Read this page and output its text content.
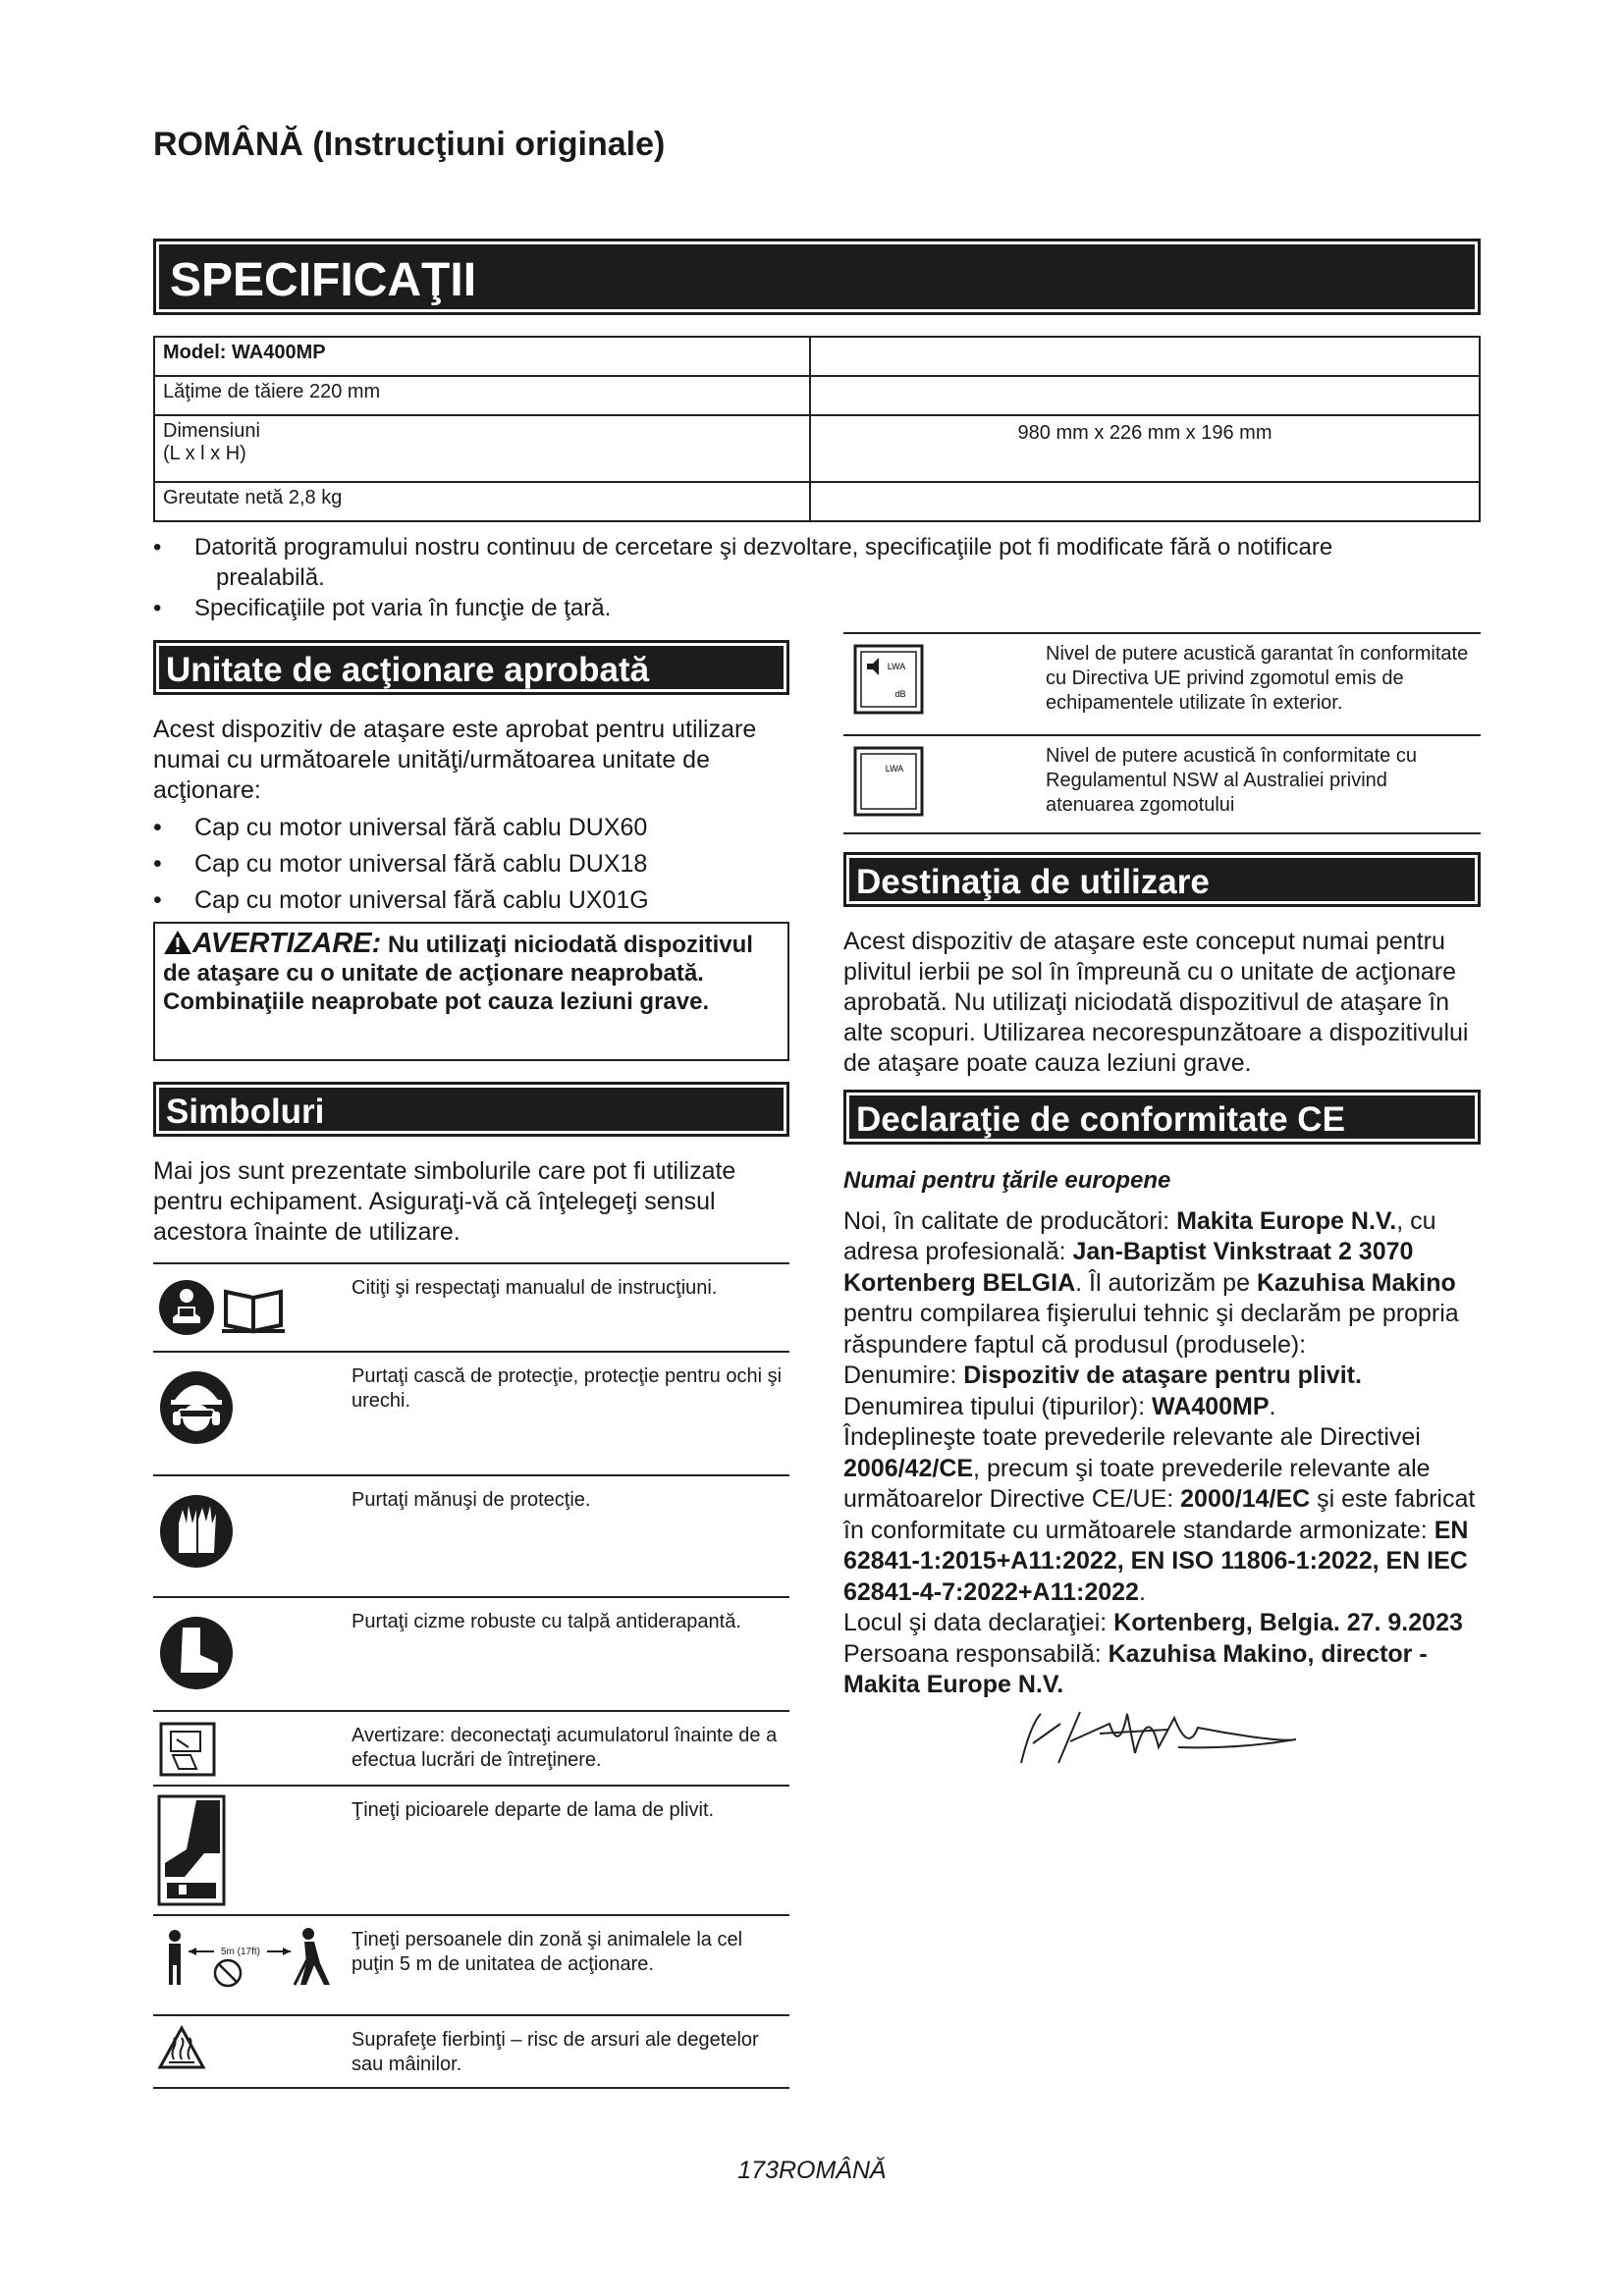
ROMÂNĂ (Instrucţiuni originale)
SPECIFICAŢII
Model: WA400MP	
Lăţime de tăiere 220 mm	
Dimensiuni
(L x l x H)	980 mm x 226 mm x 196 mm
Greutate netă 2,8 kg	
• Datorită programului nostru continuu de cercetare şi dezvoltare, specificaţiile pot fi modificate fără o notificare
prealabilă.
• Specificaţiile pot varia în funcţie de ţară.
Unitate de acţionare aprobată
Acest dispozitiv de ataşare este aprobat pentru utilizare numai cu următoarele unităţi/următoarea unitate de acţionare:
• Cap cu motor universal fără cablu DUX60
• Cap cu motor universal fără cablu DUX18
• Cap cu motor universal fără cablu UX01G
AVERTIZARE: Nu utilizaţi niciodată dispozitivul de ataşare cu o unitate de acţionare neaprobată. Combinaţiile neaprobate pot cauza leziuni grave.
Simboluri
Mai jos sunt prezentate simbolurile care pot fi utilizate pentru echipament. Asiguraţi-vă că înţelegeţi sensul acestora înainte de utilizare.
Citiţi şi respectaţi manualul de instrucţiuni.
Purtaţi cască de protecţie, protecţie pentru ochi şi urechi.
Purtaţi mănuşi de protecţie.
Purtaţi cizme robuste cu talpă antiderapantă.
Avertizare: deconectaţi acumulatorul înainte de a efectua lucrări de întreţinere.
Ţineţi picioarele departe de lama de plivit.
5m (17ft)
Ţineţi persoanele din zonă şi animalele la cel puţin 5 m de unitatea de acţionare.
Suprafeţe fierbinţi – risc de arsuri ale degetelor sau mâinilor.
LWA
dB
Nivel de putere acustică garantat în conformitate cu Directiva UE privind zgomotul emis de echipamentele utilizate în exterior.
LWA
Nivel de putere acustică în conformitate cu Regulamentul NSW al Australiei privind atenuarea zgomotului
Destinaţia de utilizare
Acest dispozitiv de ataşare este conceput numai pentru plivitul ierbii pe sol în împreună cu o unitate de acţionare aprobată. Nu utilizaţi niciodată dispozitivul de ataşare în alte scopuri. Utilizarea necorespunzătoare a dispozitivului de ataşare poate cauza leziuni grave.
Declaraţie de conformitate CE
Numai pentru ţările europene
Noi, în calitate de producători: Makita Europe N.V., cu adresa profesională: Jan-Baptist Vinkstraat 2 3070 Kortenberg BELGIA. Îl autorizăm pe Kazuhisa Makino pentru compilarea fişierului tehnic şi declarăm pe propria răspundere faptul că produsul (produsele):
Denumire: Dispozitiv de ataşare pentru plivit.
Denumirea tipului (tipurilor): WA400MP.
Îndeplineşte toate prevederile relevante ale Directivei 2006/42/CE, precum şi toate prevederile relevante ale următoarelor Directive CE/UE: 2000/14/EC şi este fabricat în conformitate cu următoarele standarde armonizate: EN 62841-1:2015+A11:2022, EN ISO 11806-1:2022, EN IEC 62841-4-7:2022+A11:2022.
Locul şi data declaraţiei: Kortenberg, Belgia. 27. 9.2023
Persoana responsabilă: Kazuhisa Makino, director - Makita Europe N.V.
173ROMÂNĂ
